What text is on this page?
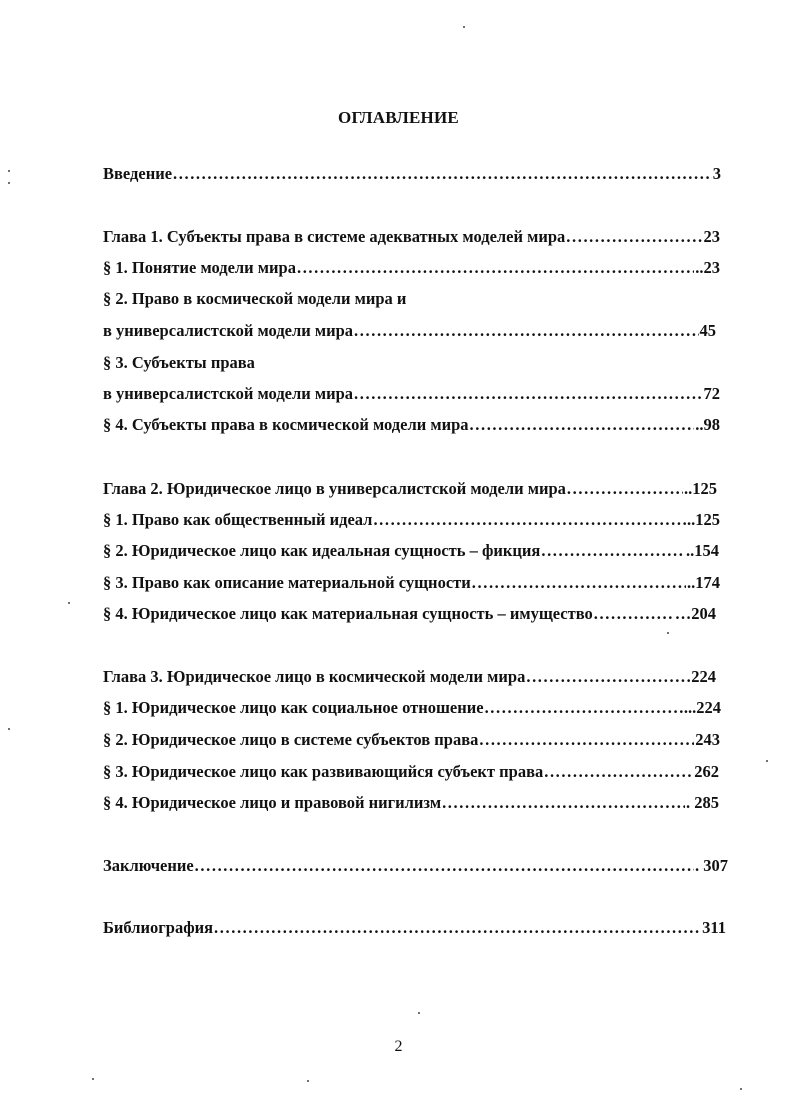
ОГЛАВЛЕНИЕ
Введение .....	3
Глава 1. Субъекты права в системе адекватных моделей мира .....	23
§ 1. Понятие модели мира .....	..23
§ 2. Право в космической модели мира и
в универсалистской модели мира .....	45
§ 3. Субъекты права
в универсалистской модели мира .....	72
§ 4. Субъекты права в космической модели мира .....	..98
Глава 2. Юридическое лицо в универсалистской модели мира .....	..125
§ 1. Право как общественный идеал .....	..125
§ 2. Юридическое лицо как идеальная сущность – фикция .....	..154
§ 3. Право как описание материальной сущности .....	..174
§ 4. Юридическое лицо как материальная сущность – имущество .....	…204
Глава 3. Юридическое лицо в космической модели мира .....	224
§ 1. Юридическое лицо как социальное отношение .....	...224
§ 2. Юридическое лицо в системе субъектов права .....	243
§ 3. Юридическое лицо как развивающийся субъект права .....	262
§ 4. Юридическое лицо и правовой нигилизм .....	. 285
Заключение .....	. 307
Библиография .....	311
2
